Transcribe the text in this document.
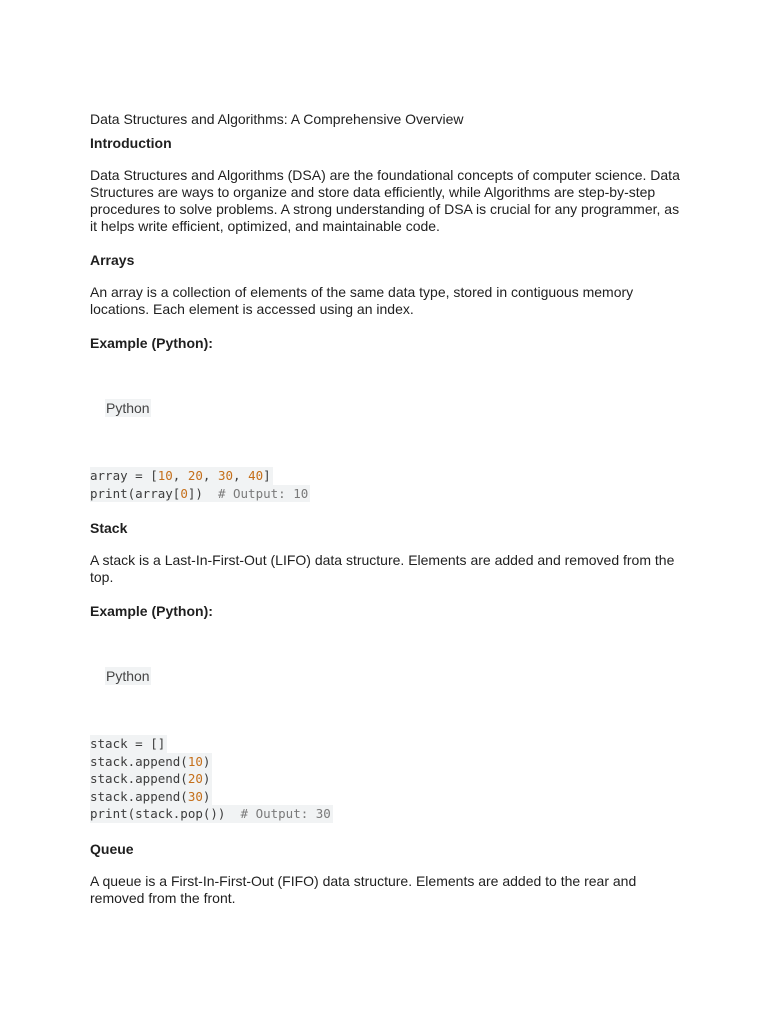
Data Structures and Algorithms: A Comprehensive Overview

Introduction

Data Structures and Algorithms (DSA) are the foundational concepts of computer science. Data Structures are ways to organize and store data efficiently, while Algorithms are step-by-step procedures to solve problems. A strong understanding of DSA is crucial for any programmer, as it helps write efficient, optimized, and maintainable code.

Arrays

An array is a collection of elements of the same data type, stored in contiguous memory locations. Each element is accessed using an index.

Example (Python):

Python
array = [10, 20, 30, 40]
print(array[0])  # Output: 10

Stack

A stack is a Last-In-First-Out (LIFO) data structure. Elements are added and removed from the top.

Example (Python):

Python
stack = []
stack.append(10)
stack.append(20)
stack.append(30)
print(stack.pop())  # Output: 30

Queue

A queue is a First-In-First-Out (FIFO) data structure. Elements are added to the rear and removed from the front.
